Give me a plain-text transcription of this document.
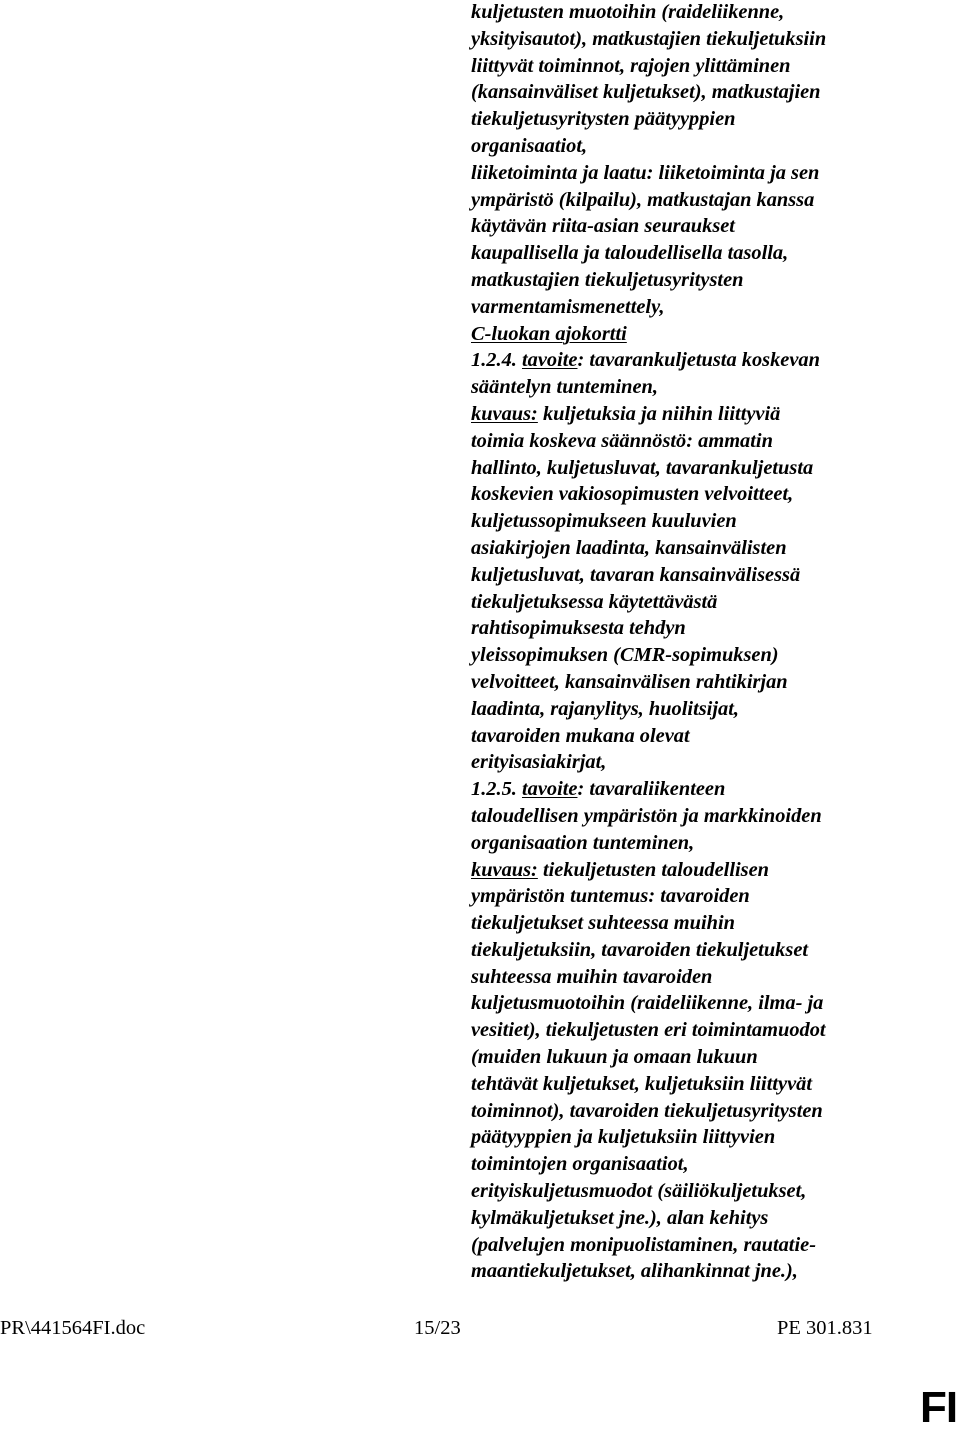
kuljetusten muotoihin (raideliikenne,
yksityisautot), matkustajien tiekuljetuksiin
liittyvät toiminnot, rajojen ylittäminen
(kansainväliset kuljetukset), matkustajien
tiekuljetusyritysten päätyyppien
organisaatiot,
liiketoiminta ja laatu: liiketoiminta ja sen
ympäristö (kilpailu), matkustajan kanssa
käytävän riita-asian seuraukset
kaupallisella ja taloudellisella tasolla,
matkustajien tiekuljetusyritysten
varmentamismenettely,
C-luokan ajokortti
1.2.4. tavoite: tavarankuljetusta koskevan
sääntelyn tunteminen,
kuvaus: kuljetuksia ja niihin liittyviä
toimia koskeva säännöstö: ammatin
hallinto, kuljetusluvat, tavarankuljetusta
koskevien vakiosopimusten velvoitteet,
kuljetussopimukseen kuuluvien
asiakirjojen laadinta, kansainvälisten
kuljetusluvat, tavaran kansainvälisessä
tiekuljetuksessa käytettävästä
rahtisopimuksesta tehdyn
yleissopimuksen (CMR-sopimuksen)
velvoitteet, kansainvälisen rahtikirjan
laadinta, rajanylitys, huolitsijat,
tavaroiden mukana olevat
erityisasiakirjat,
1.2.5. tavoite: tavaraliikenteen
taloudellisen ympäristön ja markkinoiden
organisaation tunteminen,
kuvaus: tiekuljetusten taloudellisen
ympäristön tuntemus: tavaroiden
tiekuljetukset suhteessa muihin
tiekuljetuksiin, tavaroiden tiekuljetukset
suhteessa muihin tavaroiden
kuljetusmuotoihin (raideliikenne, ilma- ja
vesitiet), tiekuljetusten eri toimintamuodot
(muiden lukuun ja omaan lukuun
tehtävät kuljetukset, kuljetuksiin liittyvät
toiminnot), tavaroiden tiekuljetusyritysten
päätyyppien ja kuljetuksiin liittyvien
toimintojen organisaatiot,
erityiskuljetusmuodot (säiliökuljetukset,
kylmäkuljetukset jne.), alan kehitys
(palvelujen monipuolistaminen, rautatie-
maantiekuljetukset, alihankinnat jne.),
PR\441564FI.doc	15/23	PE 301.831
FI
